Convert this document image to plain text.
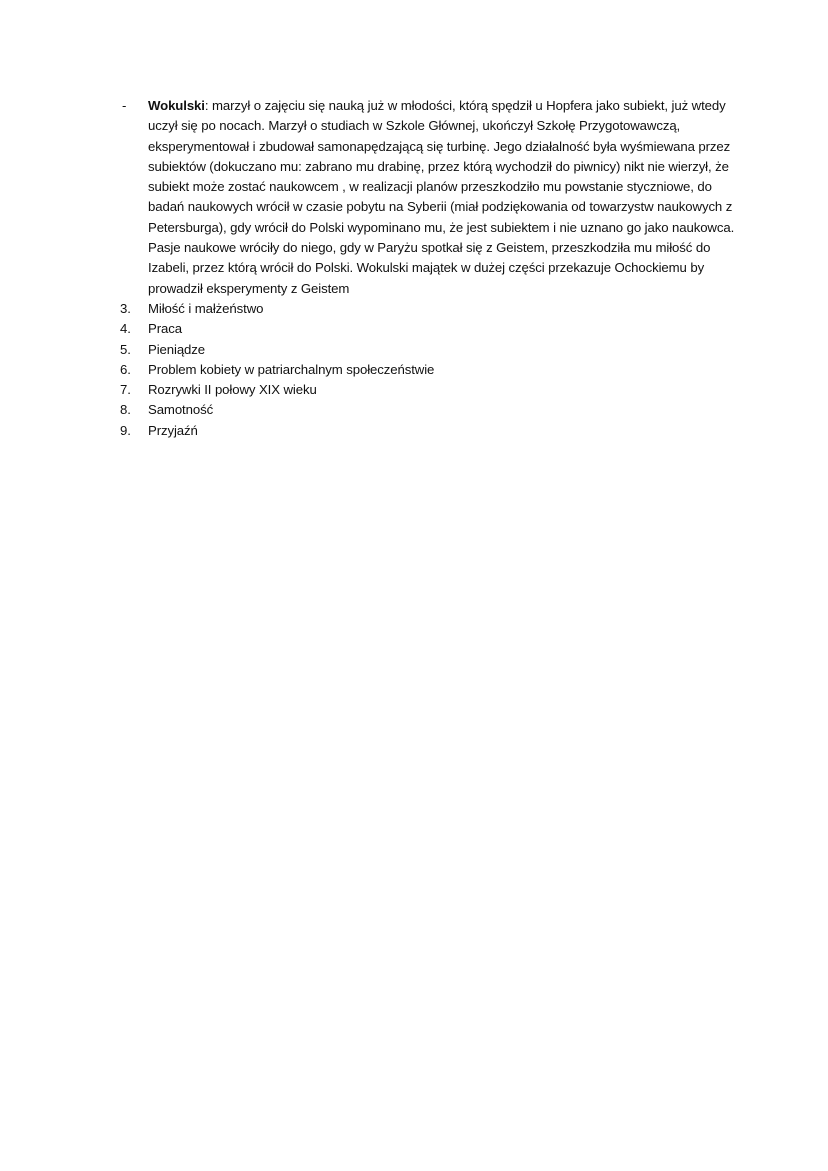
- Wokulski: marzył o zajęciu się nauką już w młodości, którą spędził u Hopfera jako subiekt, już wtedy uczył się po nocach. Marzył o studiach w Szkole Głównej, ukończył Szkołę Przygotowawczą, eksperymentował i zbudował samonapędzającą się turbinę. Jego działalność była wyśmiewana przez subiektów (dokuczano mu: zabrano mu drabinę, przez którą wychodził do piwnicy) nikt nie wierzył, że subiekt może zostać naukowcem , w realizacji planów przeszkodziło mu powstanie styczniowe, do badań naukowych wrócił w czasie pobytu na Syberii (miał podziękowania od towarzystw naukowych z Petersburga), gdy wrócił do Polski wypominano mu, że jest subiektem i nie uznano go jako naukowca. Pasje naukowe wróciły do niego, gdy w Paryżu spotkał się z Geistem, przeszkodziła mu miłość do Izabeli, przez którą wrócił do Polski. Wokulski majątek w dużej części przekazuje Ochockiemu by prowadził eksperymenty z Geistem
3. Miłość i małżeństwo
4. Praca
5. Pieniądze
6. Problem kobiety w patriarchalnym społeczeństwie
7. Rozrywki II połowy XIX wieku
8. Samotność
9. Przyjaźń
